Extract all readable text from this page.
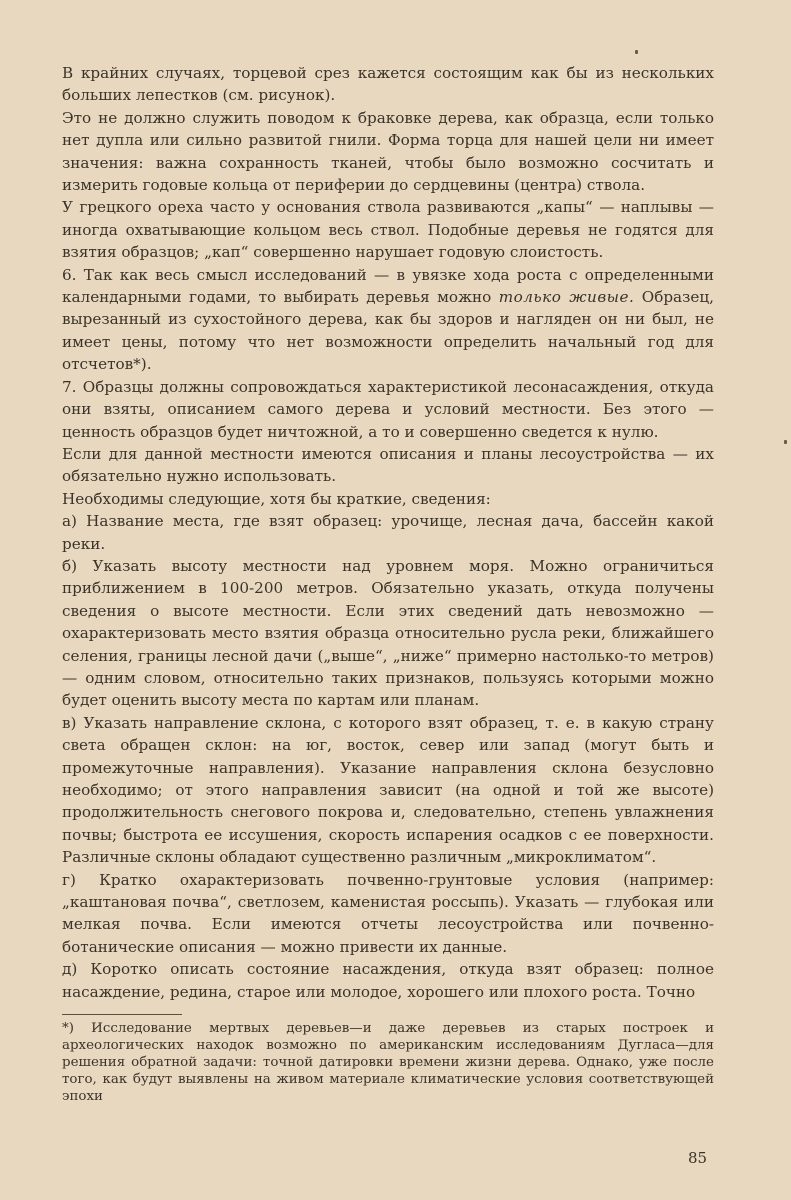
В крайних случаях, торцевой срез кажется состоящим как бы из нескольких больших лепестков (см. рисунок).

Это не должно служить поводом к браковке дерева, как образца, если только нет дупла или сильно развитой гнили. Форма торца для нашей цели ни имеет значения: важна сохранность тканей, чтобы было возможно сосчитать и измерить годовые кольца от периферии до сердцевины (центра) ствола.

У грецкого ореха часто у основания ствола развиваются „капы“ — наплывы — иногда охватывающие кольцом весь ствол. Подобные деревья не годятся для взятия образцов; „кап“ совершенно нарушает годовую слоистость.

6. Так как весь смысл исследований — в увязке хода роста с определенными календарными годами, то выбирать деревья можно только живые. Образец, вырезанный из сухостойного дерева, как бы здоров и нагляден он ни был, не имеет цены, потому что нет возможности определить начальный год для отсчетов*).

7. Образцы должны сопровождаться характеристикой лесонасаждения, откуда они взяты, описанием самого дерева и условий местности. Без этого — ценность образцов будет ничтожной, а то и совершенно сведется к нулю.

Если для данной местности имеются описания и планы лесоустройства — их обязательно нужно использовать.

Необходимы следующие, хотя бы краткие, сведения:

а) Название места, где взят образец: урочище, лесная дача, бассейн какой реки.

б) Указать высоту местности над уровнем моря. Можно ограничиться приближением в 100-200 метров. Обязательно указать, откуда получены сведения о высоте местности. Если этих сведений дать невозможно — охарактеризовать место взятия образца относительно русла реки, ближайшего селения, границы лесной дачи („выше“, „ниже“ примерно настолько-то метров) — одним словом, относительно таких признаков, пользуясь которыми можно будет оценить высоту места по картам или планам.

в) Указать направление склона, с которого взят образец, т. е. в какую страну света обращен склон: на юг, восток, север или запад (могут быть и промежуточные направления). Указание направления склона безусловно необходимо; от этого направления зависит (на одной и той же высоте) продолжительность снегового покрова и, следовательно, степень увлажнения почвы; быстрота ее иссушения, скорость испарения осадков с ее поверхности. Различные склоны обладают существенно различным „микроклиматом“.

г) Кратко охарактеризовать почвенно-грунтовые условия (например: „каштановая почва“, светлозем, каменистая россыпь). Указать — глубокая или мелкая почва. Если имеются отчеты лесоустройства или почвенно-ботанические описания — можно привести их данные.

д) Коротко описать состояние насаждения, откуда взят образец: полное насаждение, редина, старое или молодое, хорошего или плохого роста. Точно

*) Исследование мертвых деревьев—и даже деревьев из старых построек и археологических находок возможно по американским исследованиям Дугласа—для решения обратной задачи: точной датировки времени жизни дерева. Однако, уже после того, как будут выявлены на живом материале климатические условия соответствующей эпохи
85
